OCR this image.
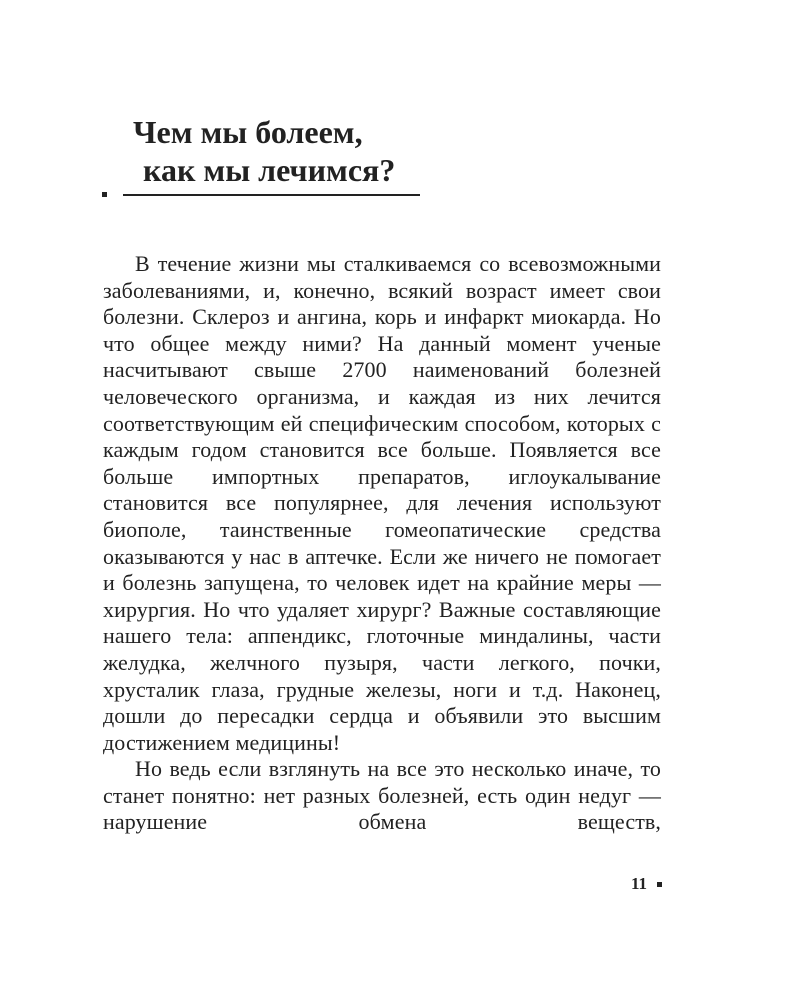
Чем мы болеем,
как мы лечимся?

В течение жизни мы сталкиваемся со всевозможными заболеваниями, и, конечно, всякий возраст имеет свои болезни. Склероз и ангина, корь и инфаркт миокарда. Но что общее между ними? На данный момент ученые насчитывают свыше 2700 наименований болезней человеческого организма, и каждая из них лечится соответствующим ей специфическим способом, которых с каждым годом становится все больше. Появляется все больше импортных препаратов, иглоукалывание становится все популярнее, для лечения используют биополе, таинственные гомеопатические средства оказываются у нас в аптечке. Если же ничего не помогает и болезнь запущена, то человек идет на крайние меры — хирургия. Но что удаляет хирург? Важные составляющие нашего тела: аппендикс, глоточные миндалины, части желудка, желчного пузыря, части легкого, почки, хрусталик глаза, грудные железы, ноги и т.д. Наконец, дошли до пересадки сердца и объявили это высшим достижением медицины!

Но ведь если взглянуть на все это несколько иначе, то станет понятно: нет разных болезней, есть один недуг — нарушение обмена веществ,

11
